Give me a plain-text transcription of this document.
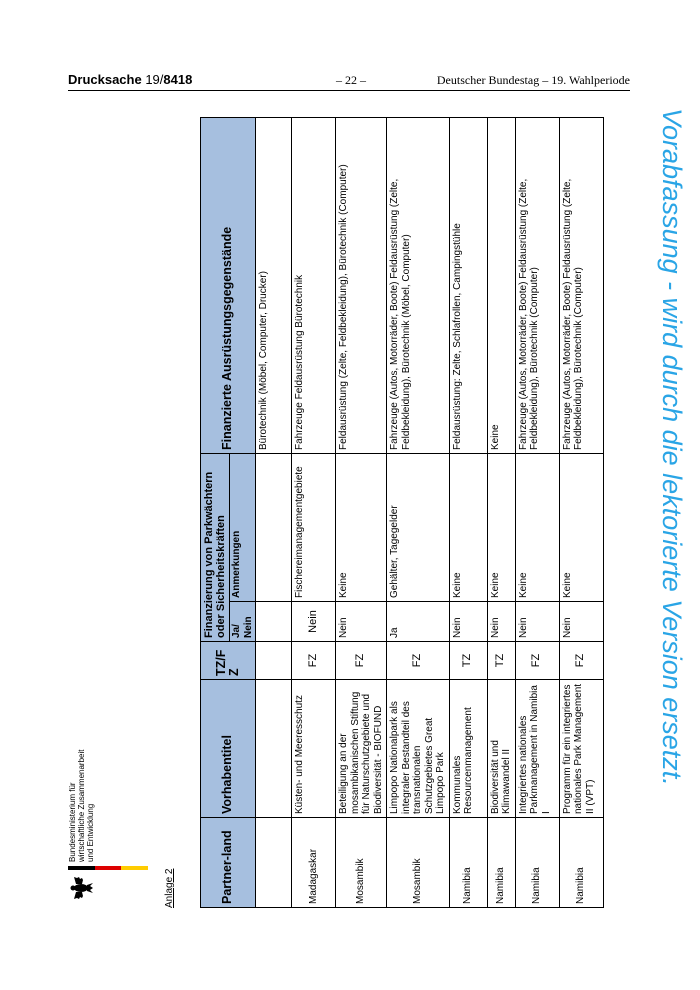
Drucksache 19/8418	– 22 –	Deutscher Bundestag – 19. Wahlperiode
Vorabfassung - wird durch die lektorierte Version ersetzt.
Bundesministerium für wirtschaftliche Zusammenarbeit und Entwicklung
Anlage 2	Partner-land	Vorhabentitel	TZ/FZ	Finanzierung von Parkwächtern oder Sicherheitskräften		Finanzierte Ausrüstungsgegenstände
			Ja/ Nein	Anmerkungen	
					Bürotechnik (Möbel, Computer, Drucker)
Madagaskar	Küsten- und Meeresschutz	FZ	Nein	Fischereimanagementgebiete	Fahrzeuge Feldausrüstung Bürotechnik
Mosambik	Beteiligung an der mosambikanischen Stiftung für Naturschutzgebiete und Biodiversität - BIOFUND	FZ	Nein	Keine	Feldausrüstung (Zelte, Feldbekleidung), Bürotechnik (Computer)
Mosambik	Limpopo Nationalpark als integraler Bestandteil des transnationalen Schutzgebietes Great Limpopo Park	FZ	Ja	Gehälter, Tagegelder	Fahrzeuge (Autos, Motorräder, Boote) Feldausrüstung (Zelte, Feldbekleidung), Bürotechnik (Möbel, Computer)
Namibia	Kommunales Resourcenmanagement	TZ	Nein	Keine	Feldausrüstung: Zelte, Schlafrollen, Campingstühle
Namibia	Biodiversität und Klimawandel II	TZ	Nein	Keine	Keine
Namibia	Integriertes nationales Parkmanagement in Namibia I	FZ	Nein	Keine	Fahrzeuge (Autos, Motorräder, Boote) Feldausrüstung (Zelte, Feldbekleidung), Bürotechnik (Computer)
Namibia	Programm für ein integriertes nationales Park Management II (VPT)	FZ	Nein	Keine	Fahrzeuge (Autos, Motorräder, Boote) Feldausrüstung (Zelte, Feldbekleidung), Bürotechnik (Computer)
